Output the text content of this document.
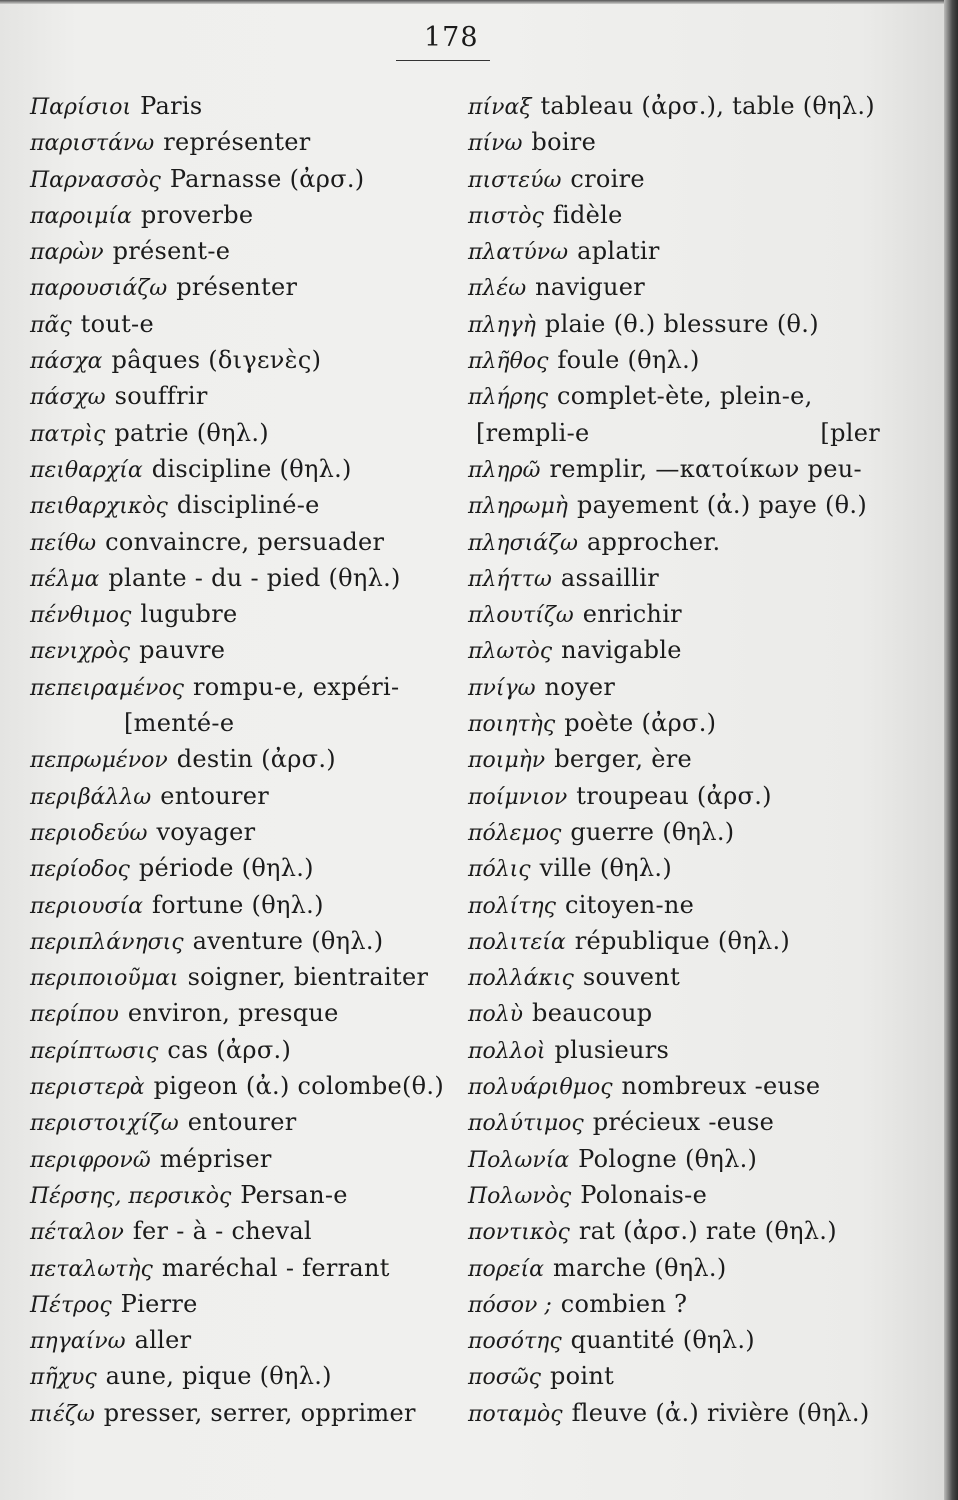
178
Παρίσιοι Paris
παριστάνω représenter
Παρνασσὸς Parnasse (ἀρσ.)
παροιμία proverbe
παρὼν présent-e
παρουσιάζω présenter
πᾶς tout-e
πάσχα pâques (διγενὲς)
πάσχω souffrir
πατρὶς patrie (θηλ.)
πειθαρχία discipline (θηλ.)
πειθαρχικὸς discipliné-e
πείθω convaincre, persuader
πέλμα plante - du - pied (θηλ.)
πένθιμος lugubre
πενιχρὸς pauvre
πεπειραμένος rompu-e, expéri-
[menté-e
πεπρωμένον destin (ἀρσ.)
περιβάλλω entourer
περιοδεύω voyager
περίοδος période (θηλ.)
περιουσία fortune (θηλ.)
περιπλάνησις aventure (θηλ.)
περιποιοῦμαι soigner, bientraiter
περίπου environ, presque
περίπτωσις cas (ἀρσ.)
περιστερὰ pigeon (ἀ.) colombe(θ.)
περιστοιχίζω entourer
περιφρονῶ mépriser
Πέρσης, περσικὸς Persan-e
πέταλον fer - à - cheval
πεταλωτὴς maréchal - ferrant
Πέτρος Pierre
πηγαίνω aller
πῆχυς aune, pique (θηλ.)
πιέζω presser, serrer, opprimer
πίναξ tableau (ἀρσ.), table (θηλ.)
πίνω boire
πιστεύω croire
πιστὸς fidèle
πλατύνω aplatir
πλέω naviguer
πληγὴ plaie (θ.) blessure (θ.)
πλῆθος foule (θηλ.)
πλήρης complet-ète, plein-e,
[rempli-e	[pler
πληρῶ remplir, —κατοίκων peu-
πληρωμὴ payement (ἀ.) paye (θ.)
πλησιάζω approcher.
πλήττω assaillir
πλουτίζω enrichir
πλωτὸς navigable
πνίγω noyer
ποιητὴς poète (ἀρσ.)
ποιμὴν berger, ère
ποίμνιον troupeau (ἀρσ.)
πόλεμος guerre (θηλ.)
πόλις ville (θηλ.)
πολίτης citoyen-ne
πολιτεία république (θηλ.)
πολλάκις souvent
πολὺ beaucoup
πολλοὶ plusieurs
πολυάριθμος nombreux -euse
πολύτιμος précieux -euse
Πολωνία Pologne (θηλ.)
Πολωνὸς Polonais-e
ποντικὸς rat (ἀρσ.) rate (θηλ.)
πορεία marche (θηλ.)
πόσον ; combien ?
ποσότης quantité (θηλ.)
ποσῶς point
ποταμὸς fleuve (ἀ.) rivière (θηλ.)
